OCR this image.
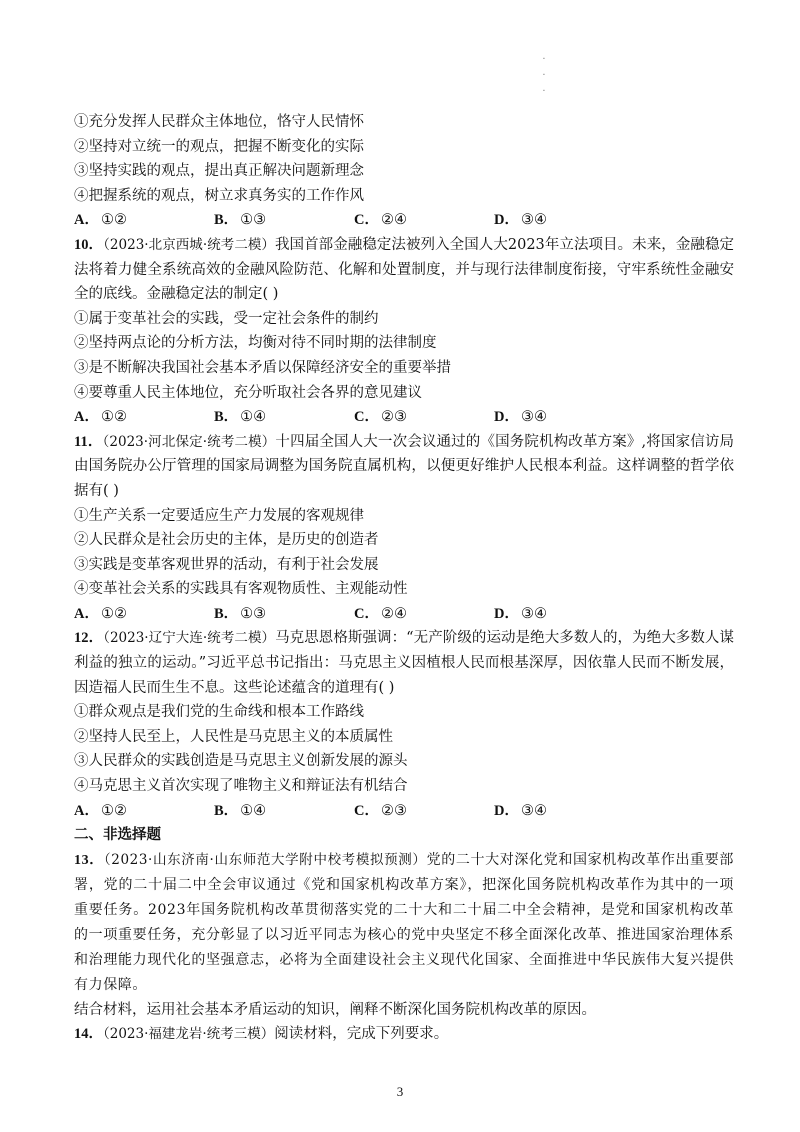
·
·
·
①充分发挥人民群众主体地位，恪守人民情怀
②坚持对立统一的观点，把握不断变化的实际
③坚持实践的观点，提出真正解决问题新理念
④把握系统的观点，树立求真务实的工作作风
A． ①②	B． ①③	C． ②④	D． ③④
10．（2023·北京西城·统考二模）我国首部金融稳定法被列入全国人大2023年立法项目。未来，金融稳定法将着力健全系统高效的金融风险防范、化解和处置制度，并与现行法律制度衔接，守牢系统性金融安全的底线。金融稳定法的制定( )
①属于变革社会的实践，受一定社会条件的制约
②坚持两点论的分析方法，均衡对待不同时期的法律制度
③是不断解决我国社会基本矛盾以保障经济安全的重要举措
④要尊重人民主体地位，充分听取社会各界的意见建议
A． ①②	B． ①④	C． ②③	D． ③④
11．（2023·河北保定·统考二模）十四届全国人大一次会议通过的《国务院机构改革方案》,将国家信访局由国务院办公厅管理的国家局调整为国务院直属机构，以便更好维护人民根本利益。这样调整的哲学依据有( )
①生产关系一定要适应生产力发展的客观规律
②人民群众是社会历史的主体，是历史的创造者
③实践是变革客观世界的活动，有利于社会发展
④变革社会关系的实践具有客观物质性、主观能动性
A． ①②	B． ①③	C． ②④	D． ③④
12．（2023·辽宁大连·统考二模）马克思恩格斯强调：“无产阶级的运动是绝大多数人的，为绝大多数人谋利益的独立的运动。”习近平总书记指出：马克思主义因植根人民而根基深厚，因依靠人民而不断发展，因造福人民而生生不息。这些论述蕴含的道理有( )
①群众观点是我们党的生命线和根本工作路线
②坚持人民至上，人民性是马克思主义的本质属性
③人民群众的实践创造是马克思主义创新发展的源头
④马克思主义首次实现了唯物主义和辩证法有机结合
A． ①②	B． ①④	C． ②③	D． ③④
二、非选择题
13．（2023·山东济南·山东师范大学附中校考模拟预测）党的二十大对深化党和国家机构改革作出重要部署，党的二十届二中全会审议通过《党和国家机构改革方案》，把深化国务院机构改革作为其中的一项重要任务。2023年国务院机构改革贯彻落实党的二十大和二十届二中全会精神，是党和国家机构改革的一项重要任务，充分彰显了以习近平同志为核心的党中央坚定不移全面深化改革、推进国家治理体系和治理能力现代化的坚强意志，必将为全面建设社会主义现代化国家、全面推进中华民族伟大复兴提供有力保障。
结合材料，运用社会基本矛盾运动的知识，阐释不断深化国务院机构改革的原因。
14．（2023·福建龙岩·统考三模）阅读材料，完成下列要求。
3
